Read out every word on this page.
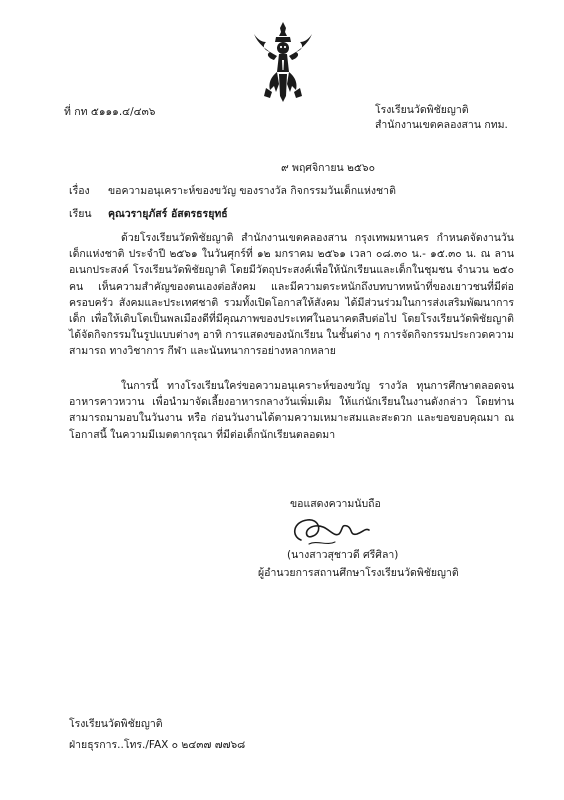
ที่ กท ๕๑๑๑.๔/๔๓๖	โรงเรียนวัดพิชัยญาติ
สำนักงานเขตคลองสาน กทม.
๙ พฤศจิกายน ๒๕๖๐
เรื่อง ขอความอนุเคราะห์ของขวัญ ของรางวัล กิจกรรมวันเด็กแห่งชาติ
เรียน คุณวรายุภัสร์ อัสตรธรยุทธ์
ด้วยโรงเรียนวัดพิชัยญาติ สำนักงานเขตคลองสาน กรุงเทพมหานคร กำหนดจัดงานวันเด็กแห่งชาติ ประจำปี ๒๕๖๑ ในวันศุกร์ที่ ๑๒ มกราคม ๒๕๖๑ เวลา ๐๘.๓๐ น.- ๑๕.๓๐ น. ณ ลานอเนกประสงค์ โรงเรียนวัดพิชัยญาติ โดยมีวัตถุประสงค์เพื่อให้นักเรียนและเด็กในชุมชน จำนวน ๒๕๐ คน เห็นความสำคัญของตนเองต่อสังคม และมีความตระหนักถึงบทบาทหน้าที่ของเยาวชนที่มีต่อครอบครัว สังคมและประเทศชาติ รวมทั้งเปิดโอกาสให้สังคม ได้มีส่วนร่วมในการส่งเสริมพัฒนาการเด็ก เพื่อให้เติบโตเป็นพลเมืองดีที่มีคุณภาพของประเทศในอนาคตสืบต่อไป โดยโรงเรียนวัดพิชัยญาติ ได้จัดกิจกรรมในรูปแบบต่างๆ อาทิ การแสดงของนักเรียน ในชั้นต่าง ๆ การจัดกิจกรรมประกวดความสามารถ ทางวิชาการ กีฬา และนันทนาการอย่างหลากหลาย
ในการนี้ ทางโรงเรียนใคร่ขอความอนุเคราะห์ของขวัญ รางวัล ทุนการศึกษาตลอดจน อาหารคาวหวาน เพื่อนำมาจัดเลี้ยงอาหารกลางวันเพิ่มเติม ให้แก่นักเรียนในงานดังกล่าว โดยท่านสามารถมามอบในวันงาน หรือ ก่อนวันงานได้ตามความเหมาะสมและสะดวก และขอขอบคุณมา ณ โอกาสนี้ ในความมีเมตตากรุณา ที่มีต่อเด็กนักเรียนตลอดมา
ขอแสดงความนับถือ
(นางสาวสุชาวดี ศรีศิลา)
ผู้อำนวยการสถานศึกษาโรงเรียนวัดพิชัยญาติ
โรงเรียนวัดพิชัยญาติ
ฝ่ายธุรการ..โทร./FAX ๐ ๒๔๓๗ ๗๗๖๘
